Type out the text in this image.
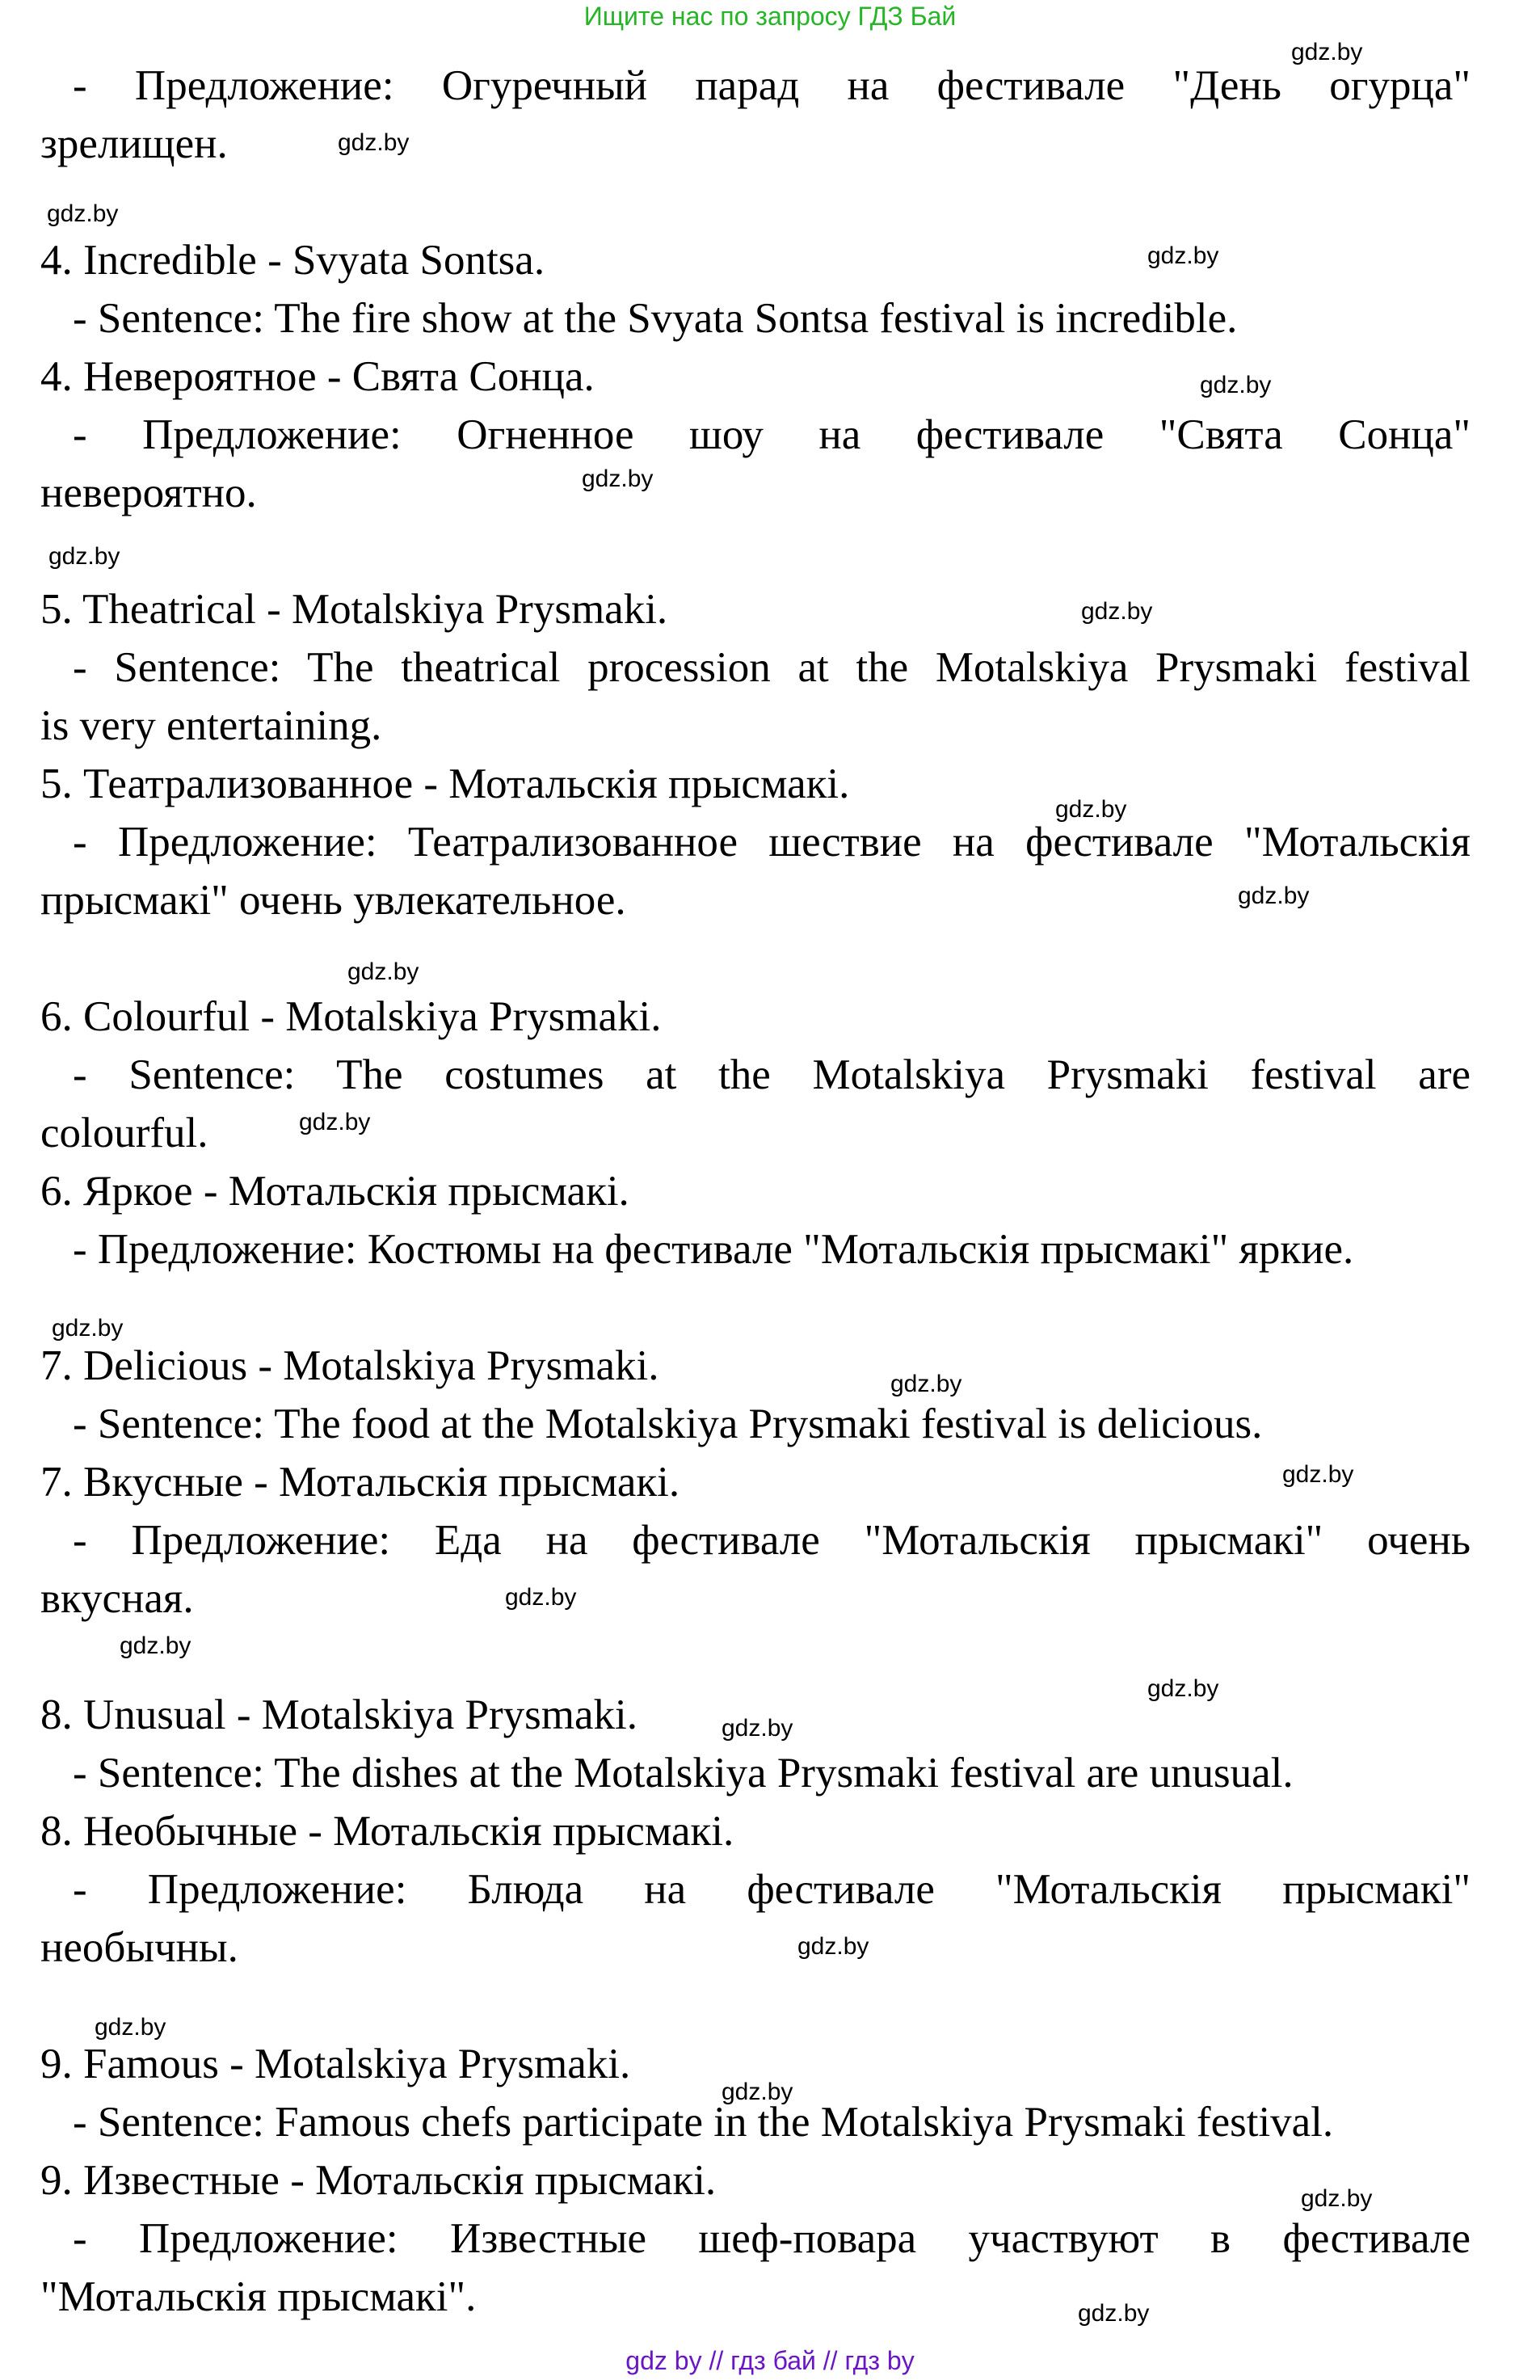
Ищите нас по запросу ГДЗ Бай

- Предложение: Огуречный парад на фестивале "День огурца"

зрелищен.

4. Incredible - Svyata Sontsa.

- Sentence: The fire show at the Svyata Sontsa festival is incredible.

4. Невероятное - Свята Сонца.

- Предложение: Огненное шоу на фестивале "Свята Сонца"

невероятно.

5. Theatrical - Motalskiya Prysmaki.

- Sentence: The theatrical procession at the Motalskiya Prysmaki festival

is very entertaining.

5. Театрализованное - Мотальскія прысмакі.

- Предложение: Театрализованное шествие на фестивале "Мотальскія

прысмакі" очень увлекательное.

6. Colourful - Motalskiya Prysmaki.

- Sentence: The costumes at the Motalskiya Prysmaki festival are

colourful.

6. Яркое - Мотальскія прысмакі.

- Предложение: Костюмы на фестивале "Мотальскія прысмакі" яркие.

7. Delicious - Motalskiya Prysmaki.

- Sentence: The food at the Motalskiya Prysmaki festival is delicious.

7. Вкусные - Мотальскія прысмакі.

- Предложение: Еда на фестивале "Мотальскія прысмакі" очень

вкусная.

8. Unusual - Motalskiya Prysmaki.

- Sentence: The dishes at the Motalskiya Prysmaki festival are unusual.

8. Необычные - Мотальскія прысмакі.

- Предложение: Блюда на фестивале "Мотальскія прысмакі"

необычны.

9. Famous - Motalskiya Prysmaki.

- Sentence: Famous chefs participate in the Motalskiya Prysmaki festival.

9. Известные - Мотальскія прысмакі.

- Предложение: Известные шеф-повара участвуют в фестивале

"Мотальскія прысмакі".

gdz.by
gdz.by
gdz.by
gdz.by
gdz.by
gdz.by
gdz.by
gdz.by
gdz.by
gdz.by
gdz.by
gdz.by
gdz.by
gdz.by
gdz.by
gdz.by
gdz.by
gdz.by
gdz.by
gdz.by
gdz.by
gdz.by
gdz.by
gdz.by
gdz by // гдз бай // гдз by
